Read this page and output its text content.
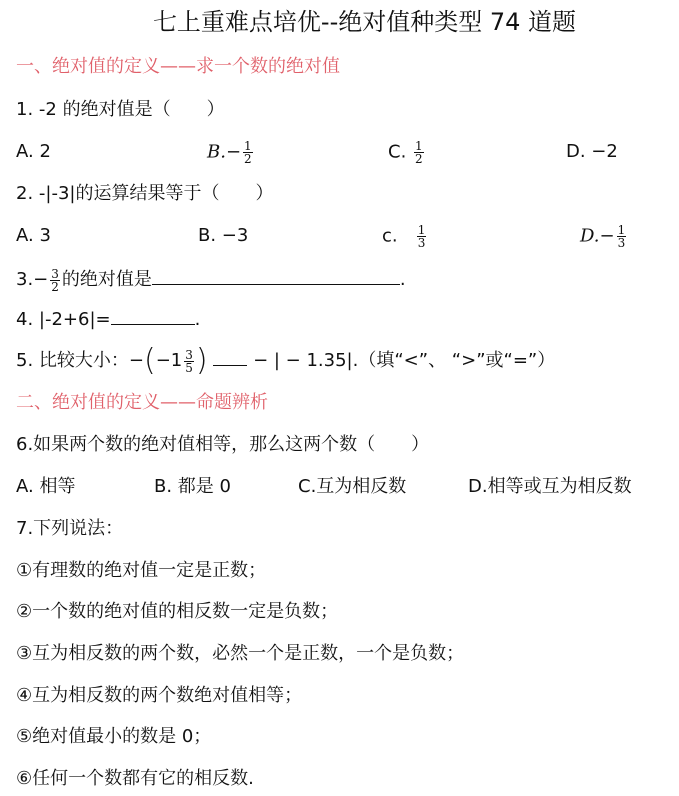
七上重难点培优--绝对值种类型 74 道题
一、绝对值的定义——求一个数的绝对值
1. -2 的绝对值是（　　）
A. 2	$B.- \frac{1}{2}$	C. $\frac{1}{2}$	D. −2
2. -|-3|的运算结果等于（　　）
A. 3	B. −3	c. $\frac{1}{3}$	$D.- \frac{1}{3}$
$3.- \frac{3}{2}$ 的绝对值是	.
4. |-2+6|=	.
5. 比较大小：$-(-1 \frac{3}{5}$ )	− | − 1.35|.（填“<”、 “>”或“=”）
二、绝对值的定义——命题辨析
6.如果两个数的绝对值相等，那么这两个数（　　）
A. 相等	B. 都是 0	C.互为相反数	D.相等或互为相反数
7.下列说法：
①有理数的绝对值一定是正数；
②一个数的绝对值的相反数一定是负数；
③互为相反数的两个数，必然一个是正数，一个是负数；
④互为相反数的两个数绝对值相等；
⑤绝对值最小的数是 0；
⑥任何一个数都有它的相反数.
